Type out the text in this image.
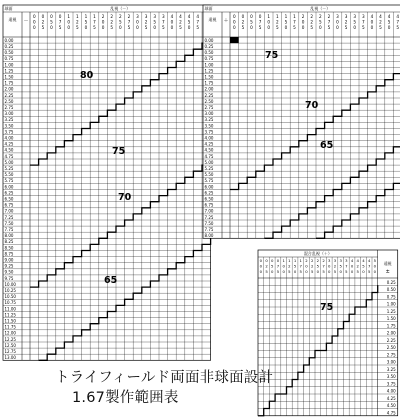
球面	乱視（－）
遠視 －
0
0
0
0
2
5
0
5
0
0
7
5
1
0
0
1
2
5
1
5
0
1
7
5
2
0
0
2
2
5
2
5
0
2
7
5
3
0
0
3
2
5
3
5
0
3
7
5
4
0
0
4
2
5
4
5
0
4
7
5
0.00
0.25
0.50
0.75
1.00
1.25
1.50
1.75
2.00
2.25
2.50
2.75
3.00
3.25
3.50
3.75
4.00
4.25
4.50
4.75
5.00
5.25
5.50
5.75
6.00
6.25
6.50
6.75
7.00
7.25
7.50
7.75
8.00
8.25
8.50
8.75
9.00
9.25
9.50
9.75
10.00
10.25
10.50
10.75
11.00
11.25
11.50
11.75
12.00
12.25
12.50
12.75
13.00
80
75
70
65
球面	乱視（－）
遠視 ＋
0
0
0
0
2
5
0
5
0
0
7
5
1
0
0
1
2
5
1
5
0
1
7
5
2
0
0
2
2
5
2
5
0
2
7
5
3
0
0
3
2
5
3
5
0
3
7
5
4
0
0
4
2
5
4
5
0
4
7
5
0.00
0.25
0.50
0.75
1.00
1.25
1.50
1.75
2.00
2.25
2.50
2.75
3.00
3.25
3.50
3.75
4.00
4.25
4.50
4.75
5.00
5.25
5.50
5.75
6.00
6.25
6.50
6.75
7.00
7.25
7.50
7.75
8.00
75
70
65
混合乱視（＋）
遠視
±
0
0
0
0
2
5
0
5
0
0
7
5
1
0
0
1
2
5
1
5
0
1
7
5
2
0
0
2
2
5
2
5
0
2
7
5
3
0
0
3
2
5
3
5
0
3
7
5
4
0
0
4
2
5
4
5
0
4
7
5
5
0
0
0.25
0.50
0.75
1.00
1.25
1.50
1.75
2.00
2.25
2.50
2.75
3.00
3.25
3.50
3.75
4.00
4.25
4.50
4.75
75
トライフィールド両面非球面設計
1.67製作範囲表
